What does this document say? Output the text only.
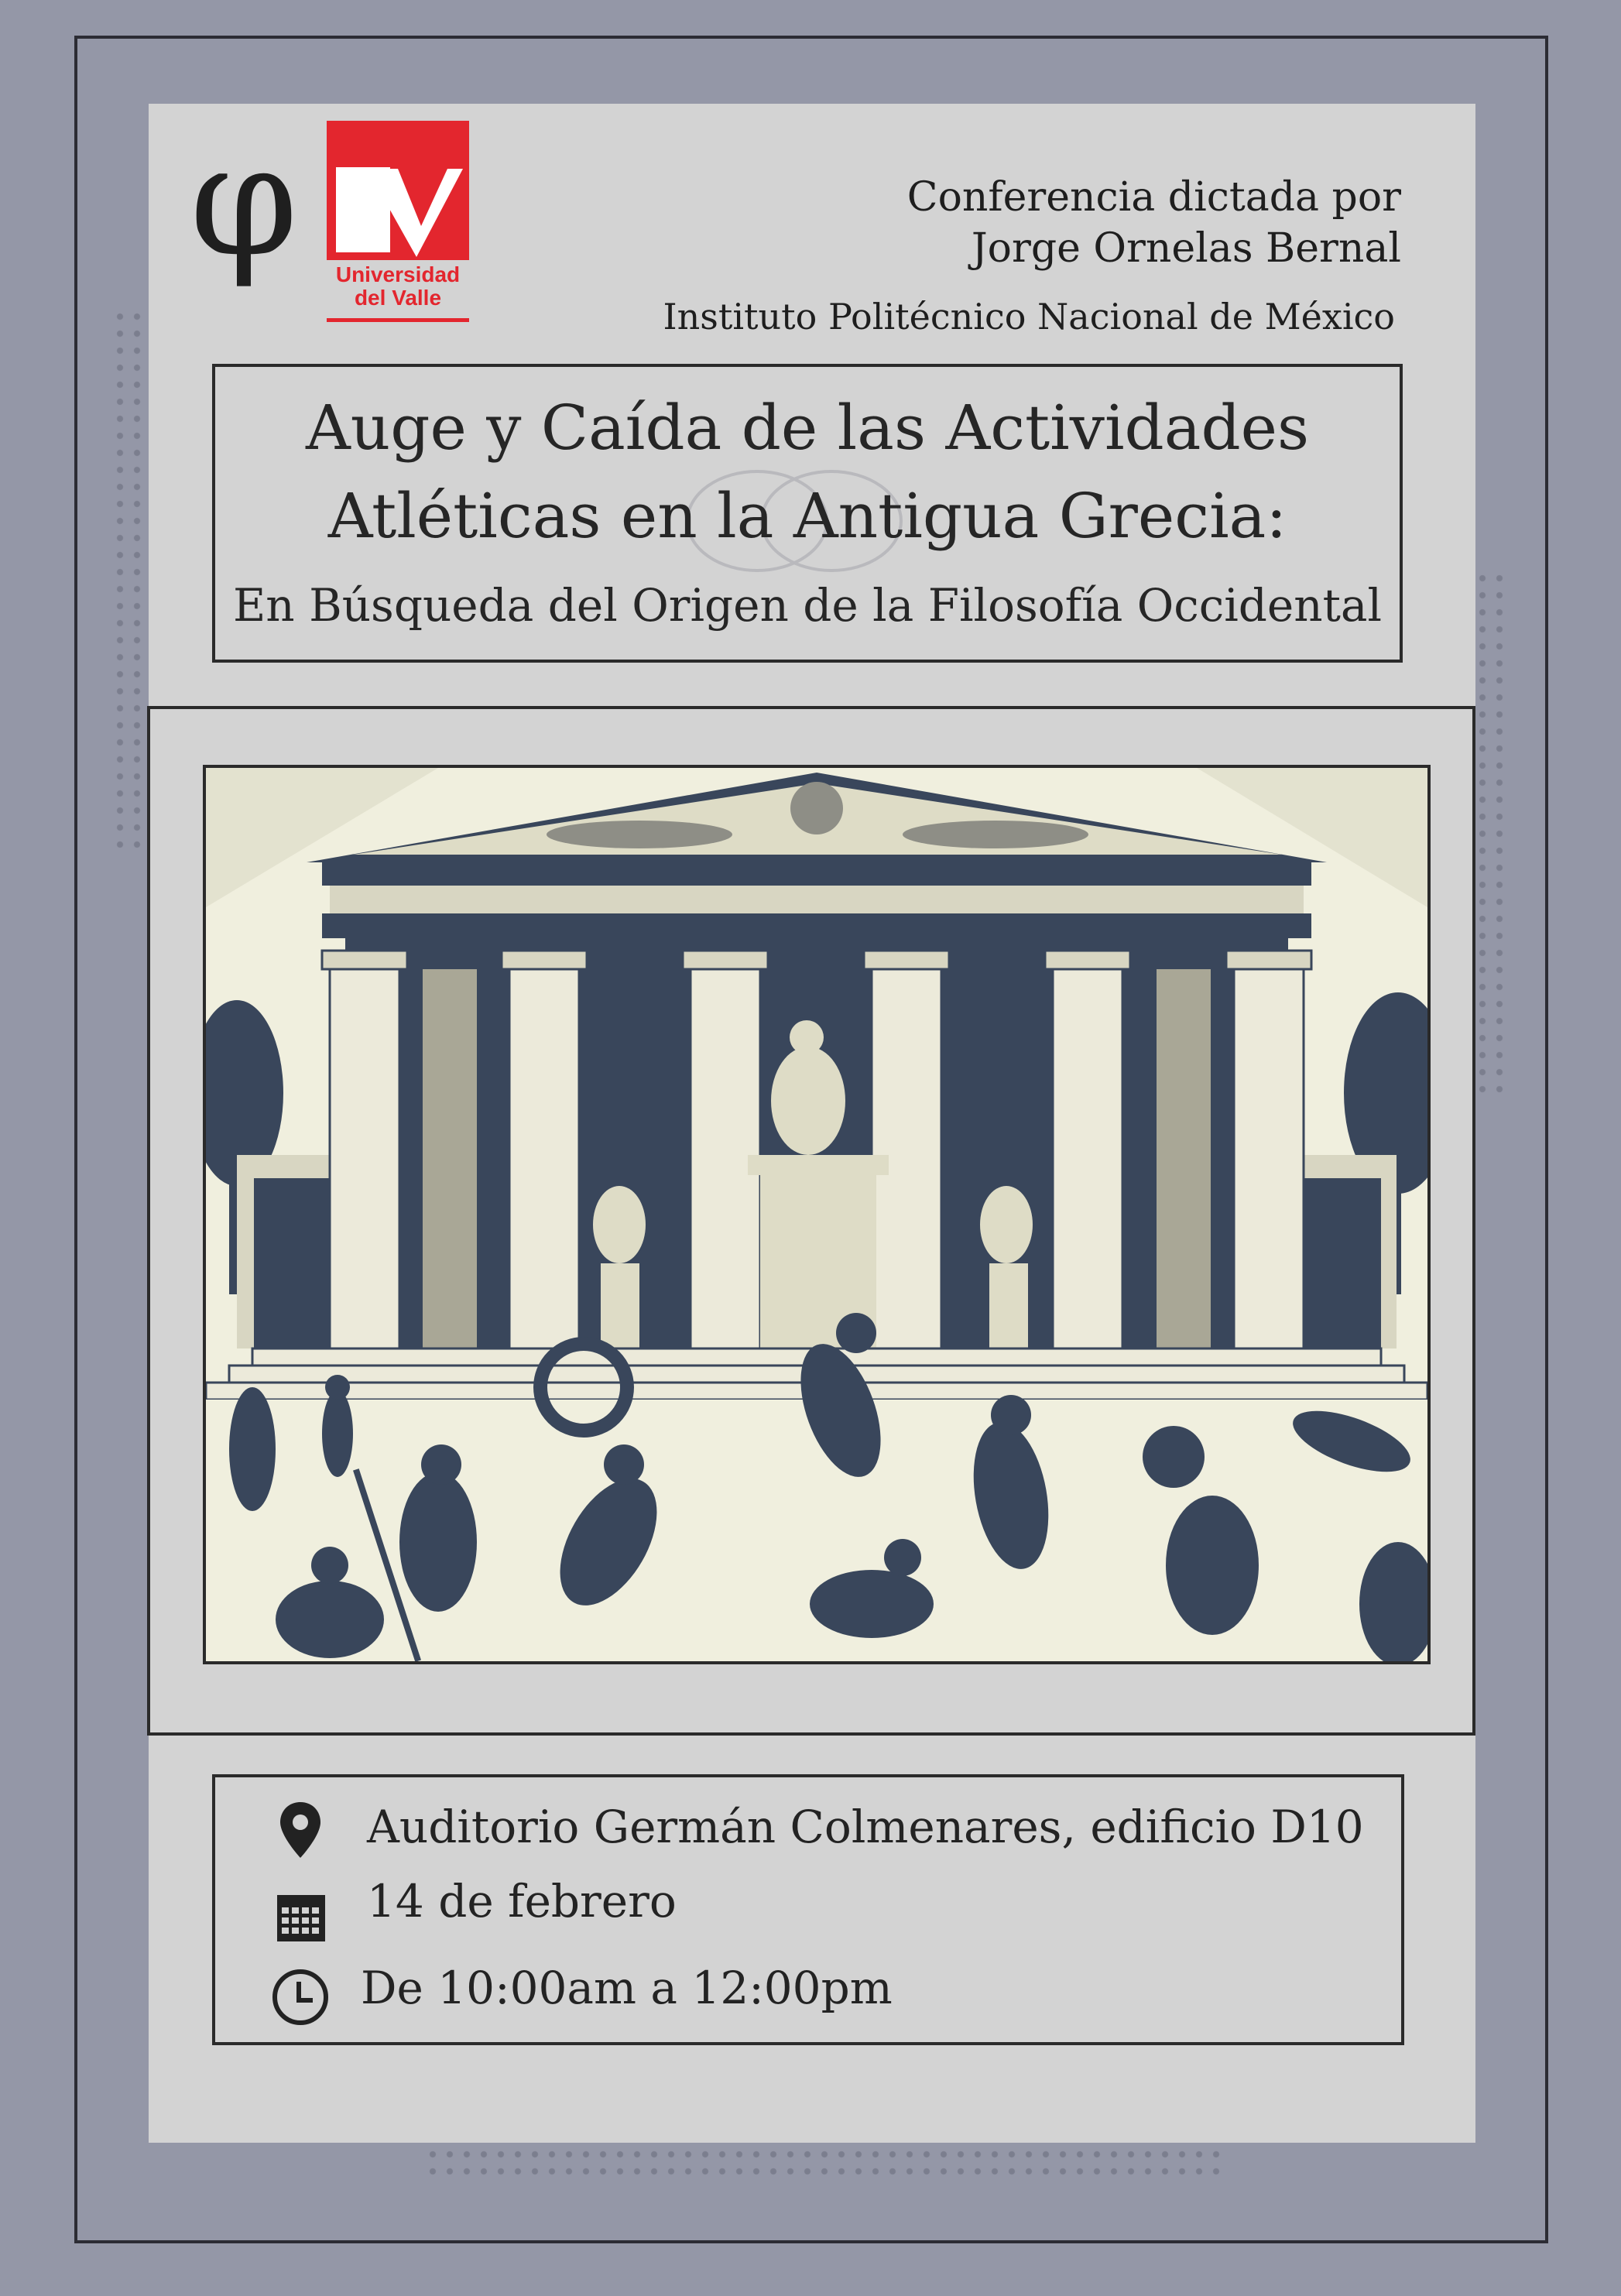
φ	Universidad
del Valle
Conferencia dictada por
Jorge Ornelas Bernal
Instituto Politécnico Nacional de México
Auge y Caída de las Actividades
Atléticas en la Antigua Grecia:
En Búsqueda del Origen de la Filosofía Occidental
Auditorio Germán Colmenares, edificio D10
14 de febrero
De 10:00am a 12:00pm
